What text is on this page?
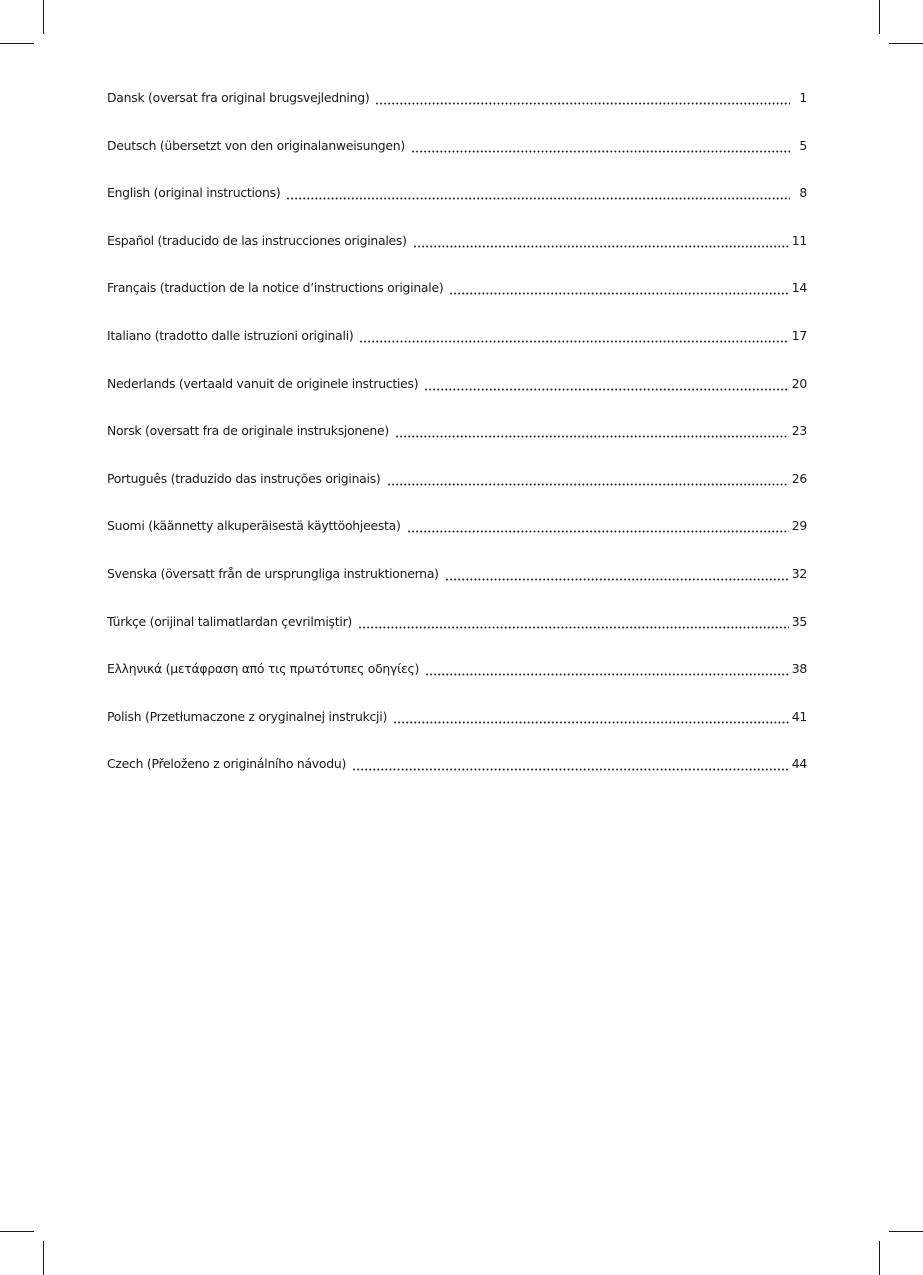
Dansk (oversat fra original brugsvejledning)	1
Deutsch (übersetzt von den originalanweisungen)	5
English (original instructions)	8
Español (traducido de las instrucciones originales)	11
Français (traduction de la notice d’instructions originale)	14
Italiano (tradotto dalle istruzioni originali)	17
Nederlands (vertaald vanuit de originele instructies)	20
Norsk (oversatt fra de originale instruksjonene)	23
Português (traduzido das instruções originais)	26
Suomi (käännetty alkuperäisestä käyttöohjeesta)	29
Svenska (översatt från de ursprungliga instruktionerna)	32
Türkçe (orijinal talimatlardan çevrilmiştir)	35
Ελληνικά (μετάφραση από τις πρωτότυπες οδηγίες)	38
Polish (Przetłumaczone z oryginalnej instrukcji)	41
Czech (Přeloženo z originálního návodu)	44
